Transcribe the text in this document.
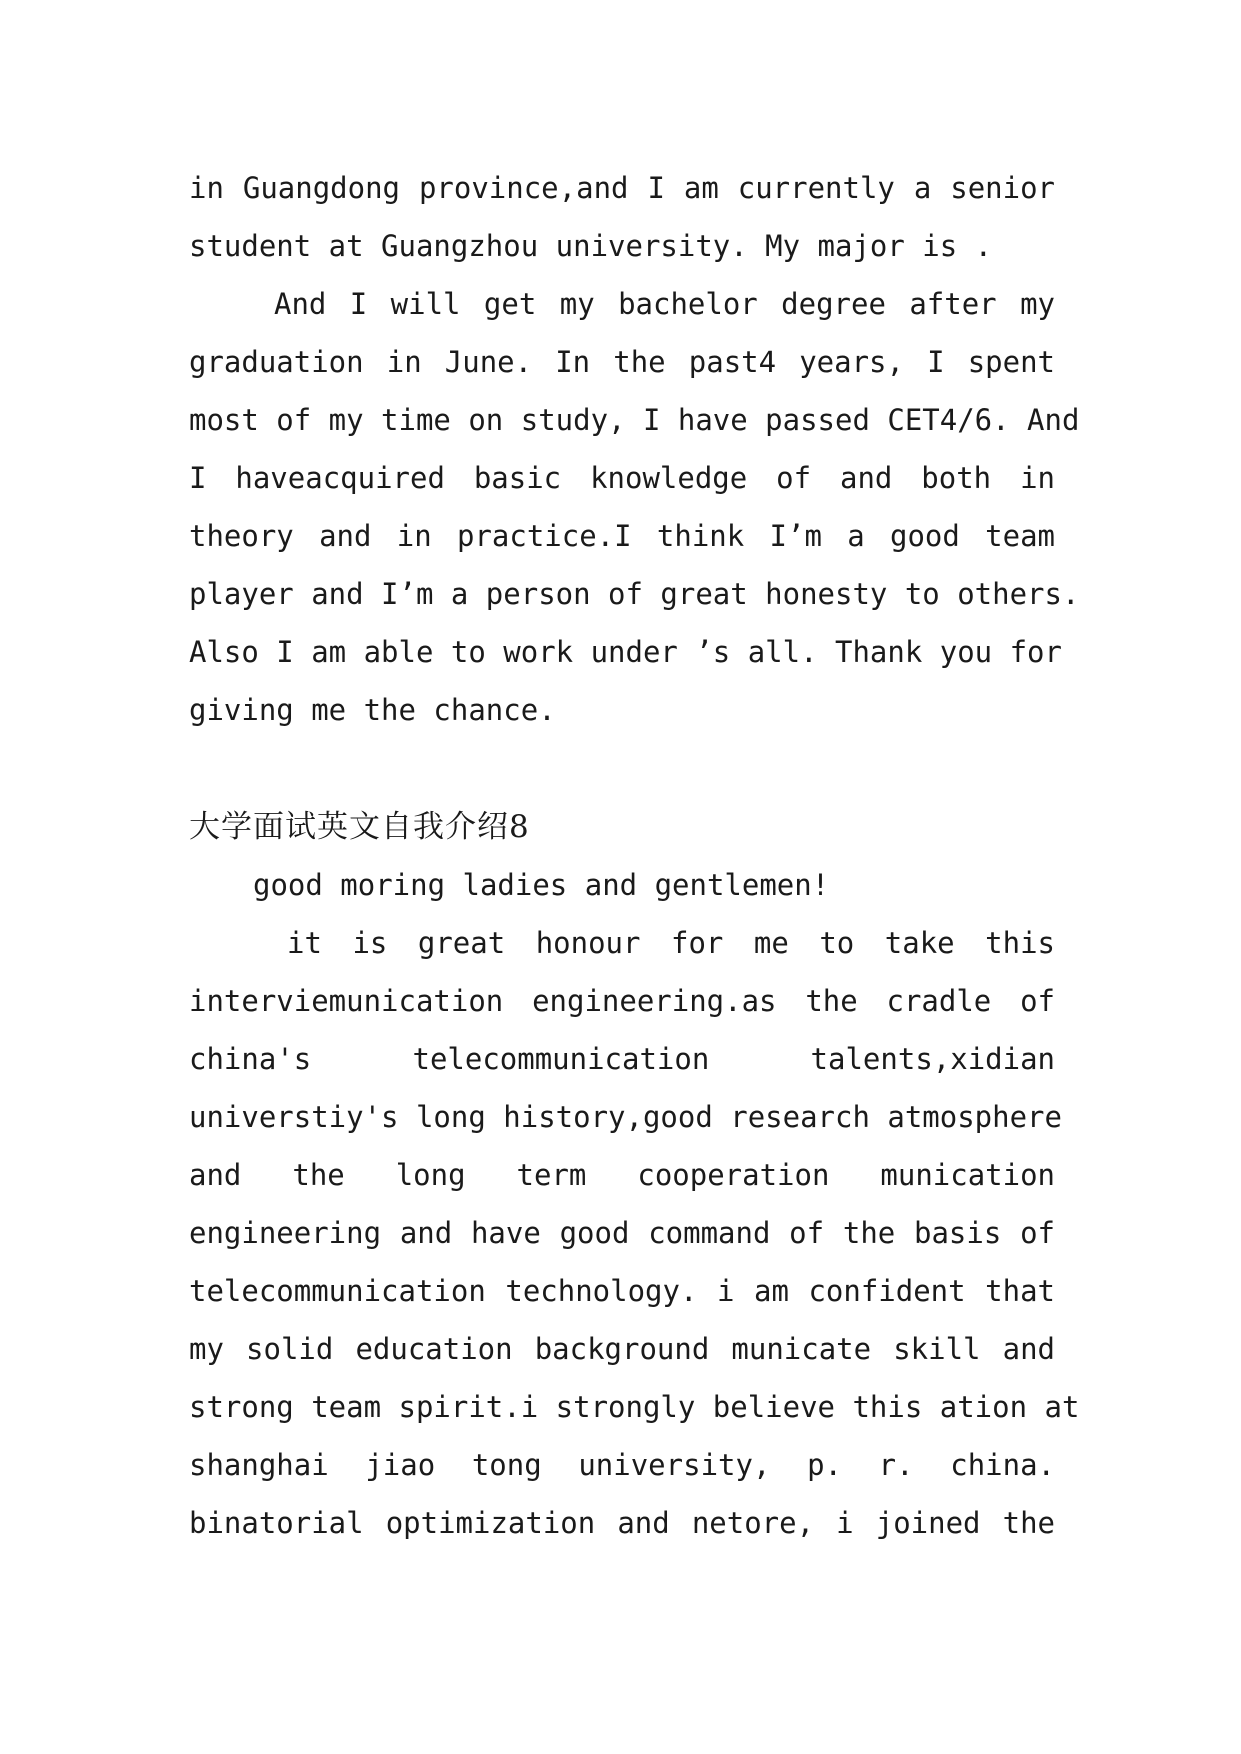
in Guangdong province,and I am currently a senior
student at Guangzhou university. My major is .
And I will get my bachelor degree after my
graduation in June. In the past4 years, I spent
most of my time on study, I have passed CET4/6. And
I haveacquired basic knowledge of and both in
theory and in practice.I think I’m a good team
player and I’m a person of great honesty to others.
Also I am able to work under ’s all. Thank you for
giving me the chance.
大学面试英文自我介绍8
good moring ladies and gentlemen!
it is great honour for me to take this
interviemunication engineering.as the cradle of
china's telecommunication talents,xidian
universtiy's long history,good research atmosphere
and the long term cooperation munication
engineering and have good command of the basis of
telecommunication technology. i am confident that
my solid education background municate skill and
strong team spirit.i strongly believe this ation at
shanghai jiao tong university, p. r. china.
binatorial optimization and netore, i joined the
